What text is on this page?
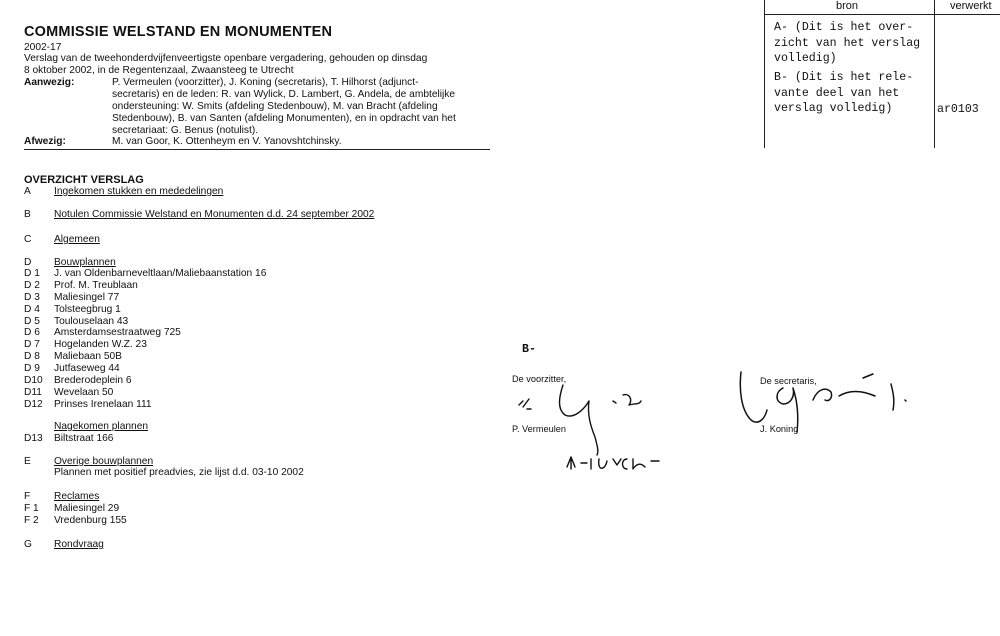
COMMISSIE WELSTAND EN MONUMENTEN
2002-17
Verslag van de tweehonderdvijfenveertigste openbare vergadering, gehouden op dinsdag
8 oktober 2002, in de Regentenzaal, Zwaansteeg te Utrecht
Aanwezig:	P. Vermeulen (voorzitter), J. Koning (secretaris), T. Hilhorst (adjunct-
secretaris) en de leden: R. van Wylick, D. Lambert, G. Andela, de ambtelijke
ondersteuning: W. Smits (afdeling Stedenbouw), M. van Bracht (afdeling
Stedenbouw), B. van Santen (afdeling Monumenten), en in opdracht van het
secretariaat: G. Benus (notulist).
Afwezig:	M. van Goor, K. Ottenheym en V. Yanovshtchinsky.
OVERZICHT VERSLAG
A Ingekomen stukken en mededelingen
B Notulen Commissie Welstand en Monumenten d.d. 24 september 2002
C Algemeen
D Bouwplannen
D 1 J. van Oldenbarneveltlaan/Maliebaanstation 16
D 2 Prof. M. Treublaan
D 3 Maliesingel 77
D 4 Tolsteegbrug 1
D 5 Toulouselaan 43
D 6 Amsterdamsestraatweg 725
D 7 Hogelanden W.Z. 23
D 8 Maliebaan 50B
D 9 Jutfaseweg 44
D10 Brederodeplein 6
D11 Wevelaan 50
D12 Prinses Irenelaan 111
Nagekomen plannen
D13 Biltstraat 166
E Overige bouwplannen
Plannen met positief preadvies, zie lijst d.d. 03-10 2002
F Reclames
F 1 Maliesingel 29
F 2 Vredenburg 155
G Rondvraag
bron	verwerkt
A- (Dit is het over-
zicht van het verslag
volledig)
B- (Dit is het rele-
vante deel van het
verslag volledig)	ar0103
B-
De voorzitter,
P. Vermeulen
De secretaris,
J. Koning
